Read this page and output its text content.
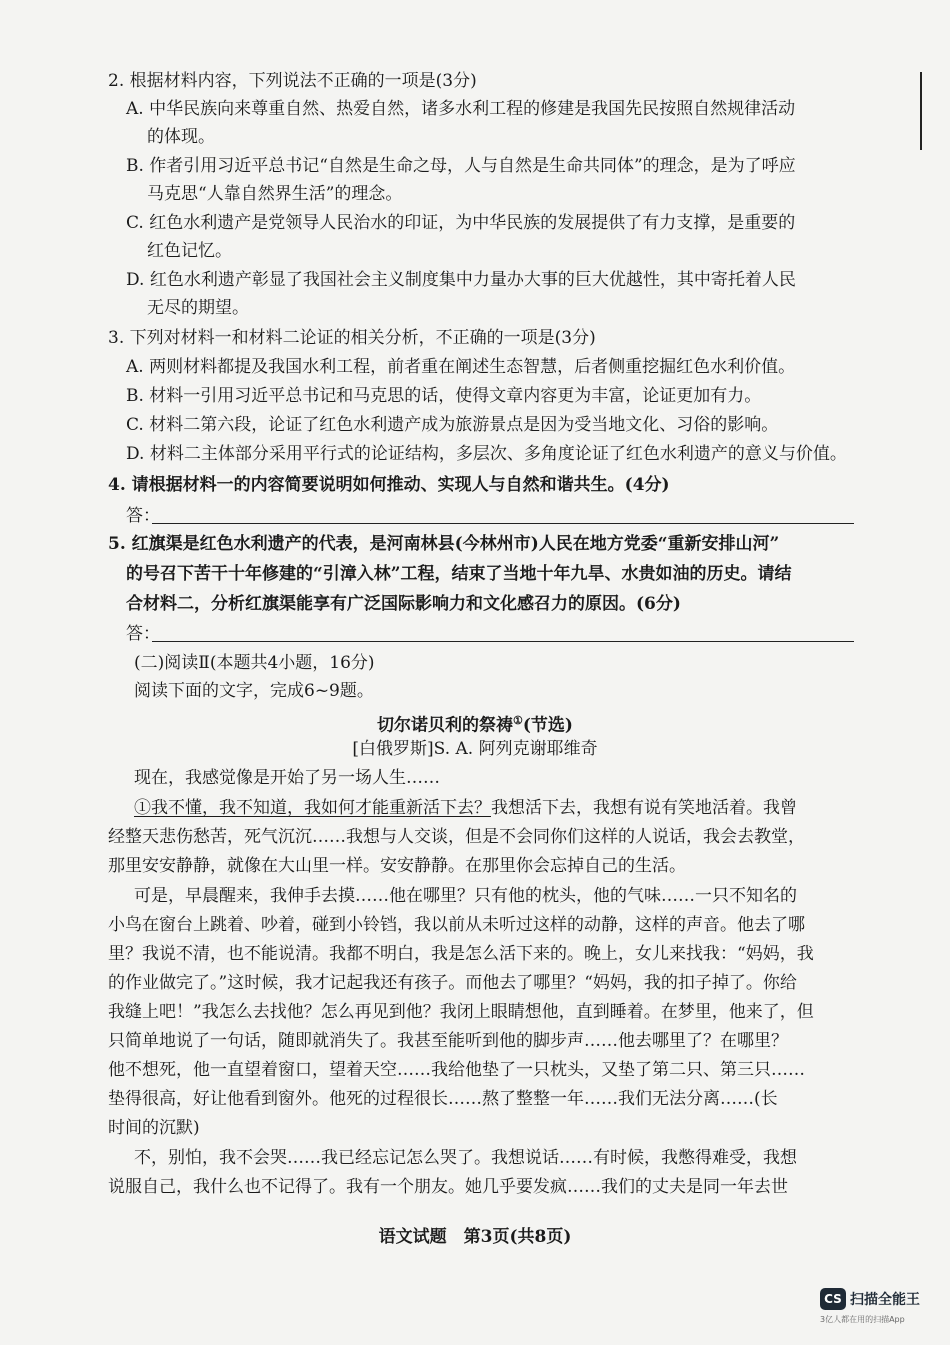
2. 根据材料内容，下列说法不正确的一项是(3分)
A. 中华民族向来尊重自然、热爱自然，诸多水利工程的修建是我国先民按照自然规律活动
的体现。
B. 作者引用习近平总书记“自然是生命之母，人与自然是生命共同体”的理念，是为了呼应
马克思“人靠自然界生活”的理念。
C. 红色水利遗产是党领导人民治水的印证，为中华民族的发展提供了有力支撑，是重要的
红色记忆。
D. 红色水利遗产彰显了我国社会主义制度集中力量办大事的巨大优越性，其中寄托着人民
无尽的期望。
3. 下列对材料一和材料二论证的相关分析，不正确的一项是(3分)
A. 两则材料都提及我国水利工程，前者重在阐述生态智慧，后者侧重挖掘红色水利价值。
B. 材料一引用习近平总书记和马克思的话，使得文章内容更为丰富，论证更加有力。
C. 材料二第六段，论证了红色水利遗产成为旅游景点是因为受当地文化、习俗的影响。
D. 材料二主体部分采用平行式的论证结构，多层次、多角度论证了红色水利遗产的意义与价值。
4. 请根据材料一的内容简要说明如何推动、实现人与自然和谐共生。(4分)
答：
5. 红旗渠是红色水利遗产的代表，是河南林县(今林州市)人民在地方党委“重新安排山河”
的号召下苦干十年修建的“引漳入林”工程，结束了当地十年九旱、水贵如油的历史。请结
合材料二，分析红旗渠能享有广泛国际影响力和文化感召力的原因。(6分)
答：
(二)阅读Ⅱ(本题共4小题，16分)
阅读下面的文字，完成6~9题。
切尔诺贝利的祭祷①(节选)
[白俄罗斯]S. A. 阿列克谢耶维奇
现在，我感觉像是开始了另一场人生……
①我不懂，我不知道，我如何才能重新活下去？我想活下去，我想有说有笑地活着。我曾
经整天悲伤愁苦，死气沉沉……我想与人交谈，但是不会同你们这样的人说话，我会去教堂，
那里安安静静，就像在大山里一样。安安静静。在那里你会忘掉自己的生活。
可是，早晨醒来，我伸手去摸……他在哪里？只有他的枕头，他的气味……一只不知名的
小鸟在窗台上跳着、吵着，碰到小铃铛，我以前从未听过这样的动静，这样的声音。他去了哪
里？我说不清，也不能说清。我都不明白，我是怎么活下来的。晚上，女儿来找我：“妈妈，我
的作业做完了。”这时候，我才记起我还有孩子。而他去了哪里？“妈妈，我的扣子掉了。你给
我缝上吧！”我怎么去找他？怎么再见到他？我闭上眼睛想他，直到睡着。在梦里，他来了，但
只简单地说了一句话，随即就消失了。我甚至能听到他的脚步声……他去哪里了？在哪里？
他不想死，他一直望着窗口，望着天空……我给他垫了一只枕头，又垫了第二只、第三只……
垫得很高，好让他看到窗外。他死的过程很长……熬了整整一年……我们无法分离……(长
时间的沉默)
不，别怕，我不会哭……我已经忘记怎么哭了。我想说话……有时候，我憋得难受，我想
说服自己，我什么也不记得了。我有一个朋友。她几乎要发疯……我们的丈夫是同一年去世
语文试题　第3页(共8页)
CS 扫描全能王
3亿人都在用的扫描App
